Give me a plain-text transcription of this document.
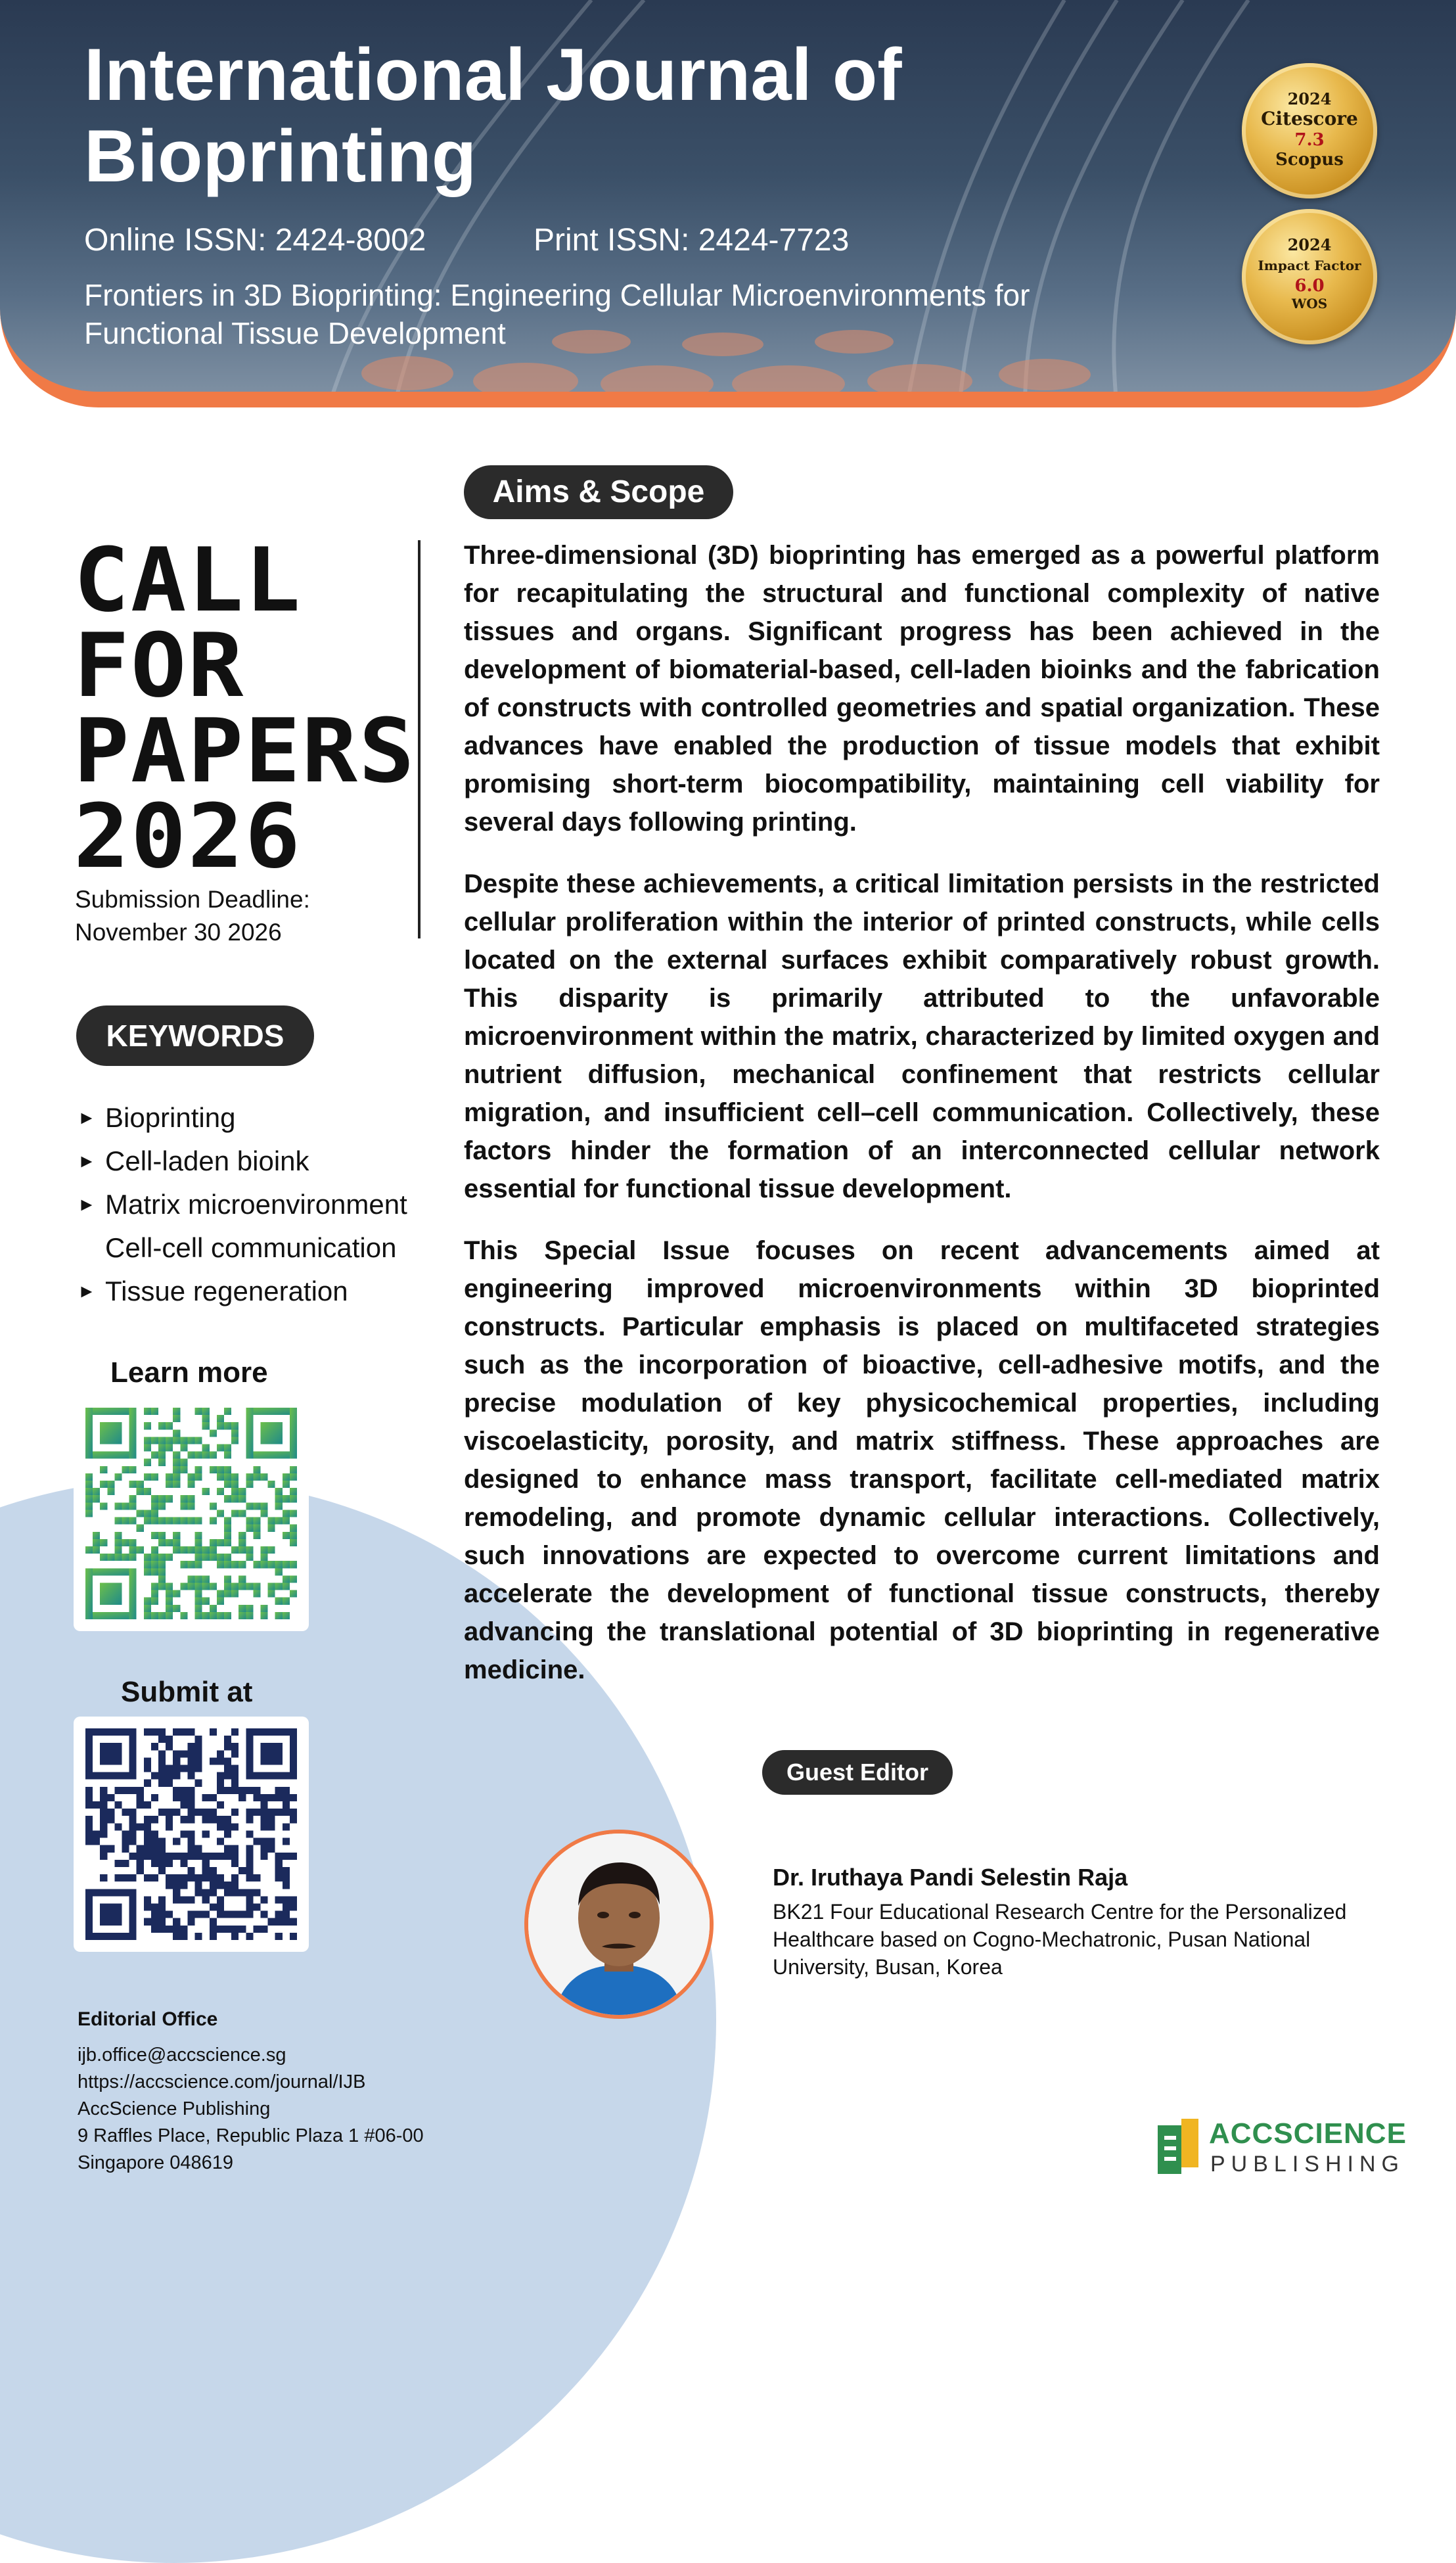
International Journal of Bioprinting
Online ISSN: 2424-8002	Print ISSN: 2424-7723
Frontiers in 3D Bioprinting: Engineering Cellular Microenvironments for Functional Tissue Development
2024
Citescore
7.3
Scopus
2024
Impact Factor
6.0
WOS
CALL
FOR
PAPERS
2026
Submission Deadline:
November 30 2026
KEYWORDS
► Bioprinting
► Cell-laden bioink
► Matrix microenvironment
Cell-cell communication
► Tissue regeneration
Learn more
Submit at
Editorial Office
ijb.office@accscience.sg
https://accscience.com/journal/IJB
AccScience Publishing
9 Raffles Place, Republic Plaza 1 #06-00
Singapore 048619
Aims & Scope

Three-dimensional (3D) bioprinting has emerged as a powerful platform for recapitulating the structural and functional complexity of native tissues and organs. Significant progress has been achieved in the development of biomaterial-based, cell-laden bioinks and the fabrication of constructs with controlled geometries and spatial organization. These advances have enabled the production of tissue models that exhibit promising short-term biocompatibility, maintaining cell viability for several days following printing.

Despite these achievements, a critical limitation persists in the restricted cellular proliferation within the interior of printed constructs, while cells located on the external surfaces exhibit comparatively robust growth. This disparity is primarily attributed to the unfavorable microenvironment within the matrix, characterized by limited oxygen and nutrient diffusion, mechanical confinement that restricts cellular migration, and insufficient cell–cell communication. Collectively, these factors hinder the formation of an interconnected cellular network essential for functional tissue development.

This Special Issue focuses on recent advancements aimed at engineering improved microenvironments within 3D bioprinted constructs. Particular emphasis is placed on multifaceted strategies such as the incorporation of bioactive, cell-adhesive motifs, and the precise modulation of key physicochemical properties, including viscoelasticity, porosity, and matrix stiffness. These approaches are designed to enhance mass transport, facilitate cell-mediated matrix remodeling, and promote dynamic cellular interactions. Collectively, such innovations are expected to overcome current limitations and accelerate the development of functional tissue constructs, thereby advancing the translational potential of 3D bioprinting in regenerative medicine.

Guest Editor
Dr. Iruthaya Pandi Selestin Raja
BK21 Four Educational Research Centre for the Personalized Healthcare based on Cogno-Mechatronic, Pusan National University, Busan, Korea
ACCSCIENCE
PUBLISHING
